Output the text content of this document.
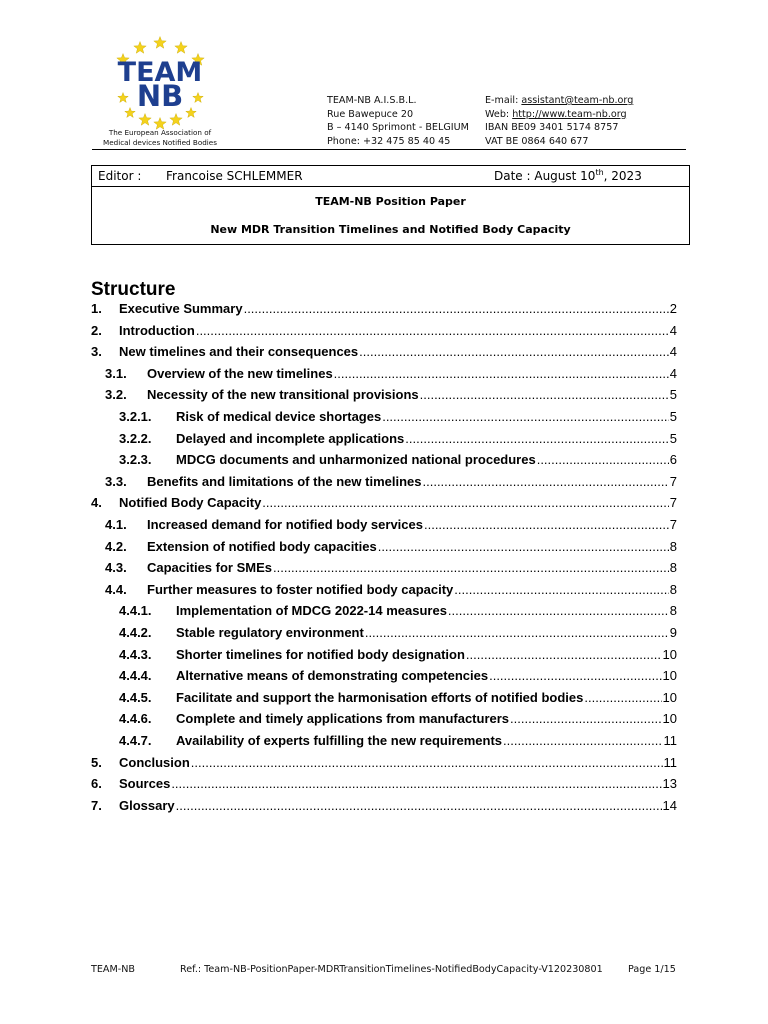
TEAM
NB
The European Association of
Medical devices Notified Bodies
TEAM-NB A.I.S.B.L.
Rue Bawepuce 20
B – 4140 Sprimont - BELGIUM
Phone: +32 475 85 40 45
E-mail: assistant@team-nb.org
Web: http://www.team-nb.org
IBAN BE09 3401 5174 8757
VAT BE 0864 640 677
Editor : Francoise SCHLEMMER	Date : August 10th, 2023
TEAM-NB Position Paper
New MDR Transition Timelines and Notified Body Capacity
Structure
1. Executive Summary .....	2
2. Introduction .....	4
3. New timelines and their consequences .....	4
3.1. Overview of the new timelines .....	4
3.2. Necessity of the new transitional provisions .....	5
3.2.1. Risk of medical device shortages .....	5
3.2.2. Delayed and incomplete applications .....	5
3.2.3. MDCG documents and unharmonized national procedures .....	6
3.3. Benefits and limitations of the new timelines .....	7
4. Notified Body Capacity .....	7
4.1. Increased demand for notified body services .....	7
4.2. Extension of notified body capacities .....	8
4.3. Capacities for SMEs .....	8
4.4. Further measures to foster notified body capacity .....	8
4.4.1. Implementation of MDCG 2022-14 measures .....	8
4.4.2. Stable regulatory environment .....	9
4.4.3. Shorter timelines for notified body designation .....	10
4.4.4. Alternative means of demonstrating competencies .....	10
4.4.5. Facilitate and support the harmonisation efforts of notified bodies .....	10
4.4.6. Complete and timely applications from manufacturers .....	10
4.4.7. Availability of experts fulfilling the new requirements .....	11
5. Conclusion .....	11
6. Sources .....	13
7. Glossary .....	14
TEAM-NB	Ref.: Team-NB-PositionPaper-MDRTransitionTimelines-NotifiedBodyCapacity-V120230801	Page 1/15
